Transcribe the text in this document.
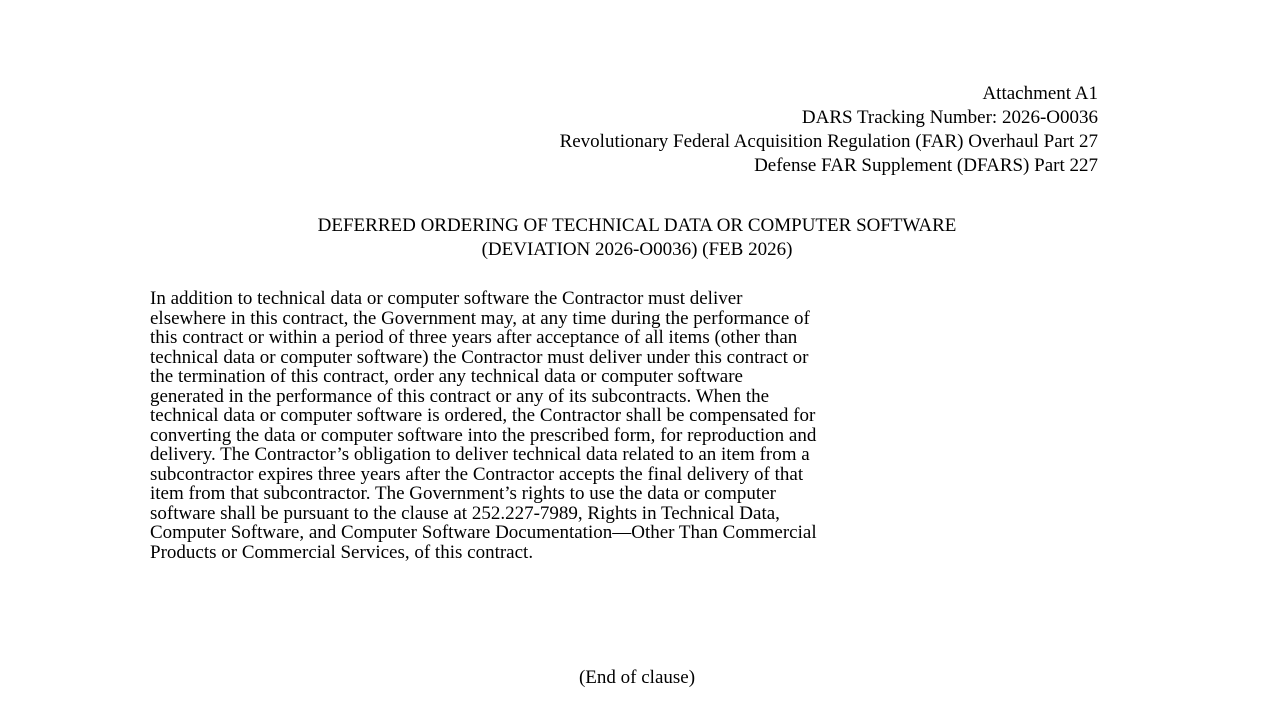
Attachment A1
DARS Tracking Number: 2026-O0036
Revolutionary Federal Acquisition Regulation (FAR) Overhaul Part 27
Defense FAR Supplement (DFARS) Part 227
DEFERRED ORDERING OF TECHNICAL DATA OR COMPUTER SOFTWARE
(DEVIATION 2026-O0036) (FEB 2026)
In addition to technical data or computer software the Contractor must deliver
elsewhere in this contract, the Government may, at any time during the performance of
this contract or within a period of three years after acceptance of all items (other than
technical data or computer software) the Contractor must deliver under this contract or
the termination of this contract, order any technical data or computer software
generated in the performance of this contract or any of its subcontracts. When the
technical data or computer software is ordered, the Contractor shall be compensated for
converting the data or computer software into the prescribed form, for reproduction and
delivery. The Contractor’s obligation to deliver technical data related to an item from a
subcontractor expires three years after the Contractor accepts the final delivery of that
item from that subcontractor. The Government’s rights to use the data or computer
software shall be pursuant to the clause at 252.227-7989, Rights in Technical Data,
Computer Software, and Computer Software Documentation—Other Than Commercial
Products or Commercial Services, of this contract.
(End of clause)
